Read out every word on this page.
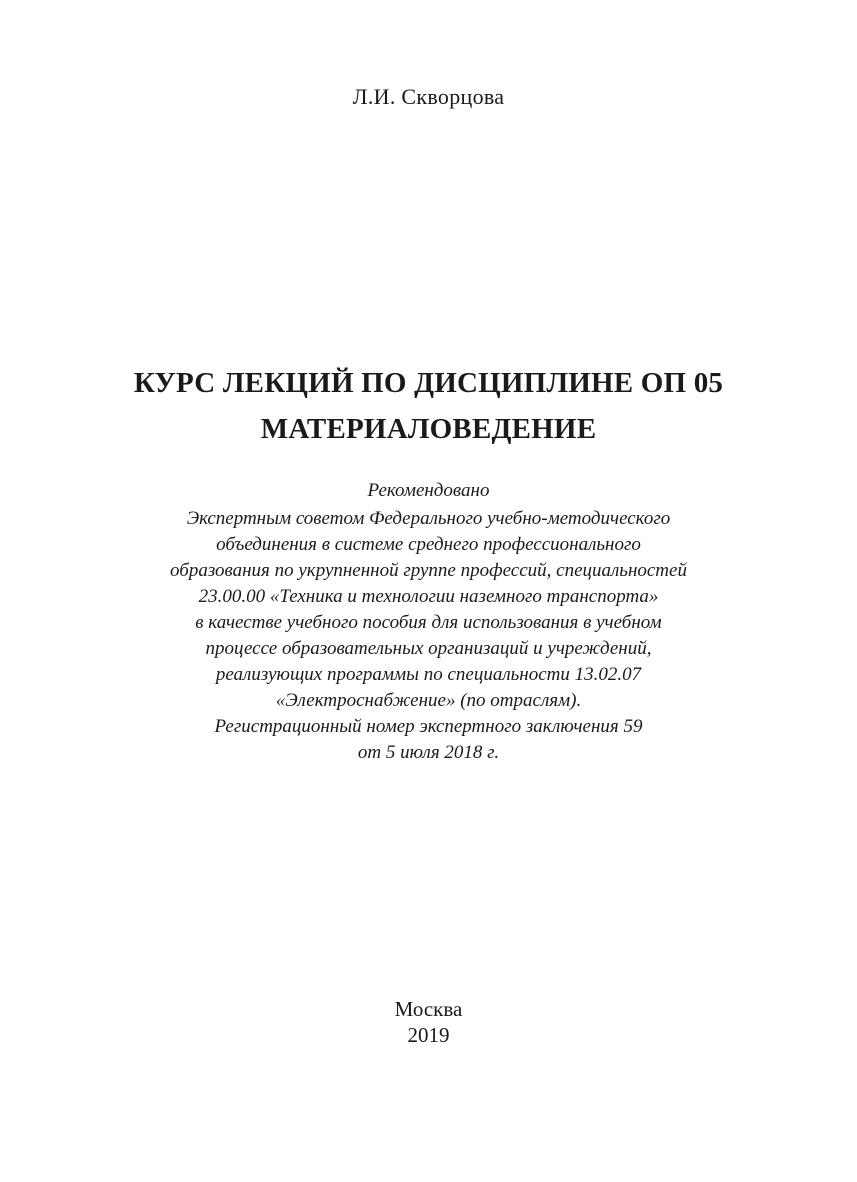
Л.И. Скворцова
КУРС ЛЕКЦИЙ ПО ДИСЦИПЛИНЕ ОП 05
МАТЕРИАЛОВЕДЕНИЕ
Рекомендовано
Экспертным советом Федерального учебно-методического
объединения в системе среднего профессионального
образования по укрупненной группе профессий, специальностей
23.00.00 «Техника и технологии наземного транспорта»
в качестве учебного пособия для использования в учебном
процессе образовательных организаций и учреждений,
реализующих программы по специальности 13.02.07
«Электроснабжение» (по отраслям).
Регистрационный номер экспертного заключения 59
от 5 июля 2018 г.
Москва
2019
